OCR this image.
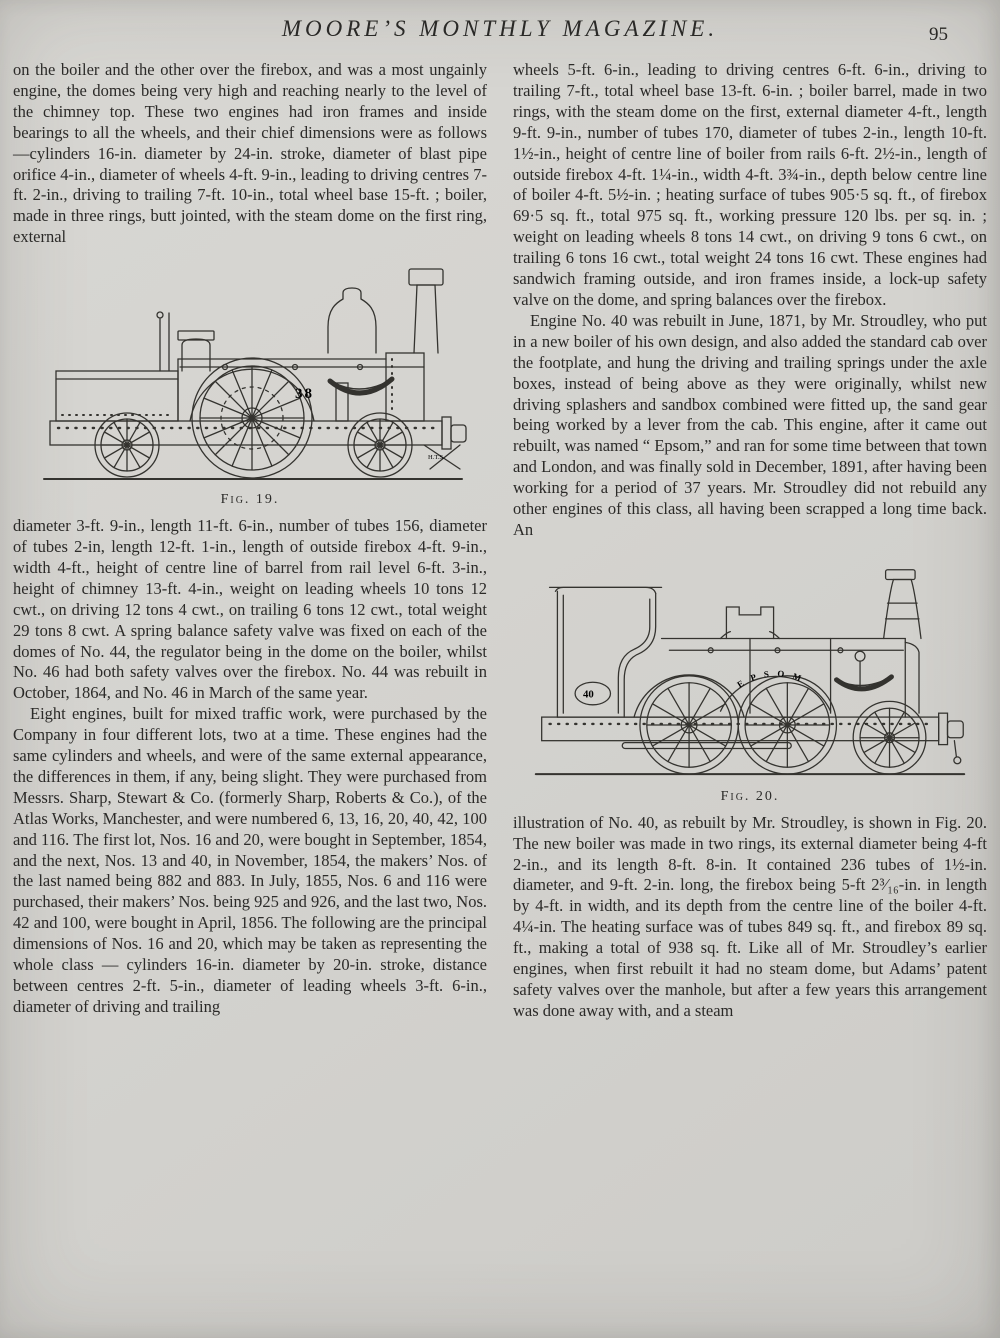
MOORE’S MONTHLY MAGAZINE.	95

on the boiler and the other over the firebox, and was a most ungainly engine, the domes being very high and reaching nearly to the level of the chimney top. These two engines had iron frames and inside bearings to all the wheels, and their chief dimensions were as follows—cylinders 16-in. diameter by 24-in. stroke, diameter of blast pipe orifice 4-in., diameter of wheels 4-ft. 9-in., leading to driving centres 7-ft. 2-in., driving to trailing 7-ft. 10-in., total wheel base 15-ft. ; boiler, made in three rings, butt jointed, with the steam dome on the first ring, external

38
H.T.S.
Fig. 19.

diameter 3-ft. 9-in., length 11-ft. 6-in., number of tubes 156, diameter of tubes 2-in, length 12-ft. 1-in., length of outside firebox 4-ft. 9-in., width 4-ft., height of centre line of barrel from rail level 6-ft. 3-in., height of chimney 13-ft. 4-in., weight on leading wheels 10 tons 12 cwt., on driving 12 tons 4 cwt., on trailing 6 tons 12 cwt., total weight 29 tons 8 cwt. A spring balance safety valve was fixed on each of the domes of No. 44, the regulator being in the dome on the boiler, whilst No. 46 had both safety valves over the firebox. No. 44 was rebuilt in October, 1864, and No. 46 in March of the same year.

Eight engines, built for mixed traffic work, were purchased by the Company in four different lots, two at a time. These engines had the same cylinders and wheels, and were of the same external appearance, the differences in them, if any, being slight. They were purchased from Messrs. Sharp, Stewart & Co. (formerly Sharp, Roberts & Co.), of the Atlas Works, Manchester, and were numbered 6, 13, 16, 20, 40, 42, 100 and 116. The first lot, Nos. 16 and 20, were bought in September, 1854, and the next, Nos. 13 and 40, in November, 1854, the makers’ Nos. of the last named being 882 and 883. In July, 1855, Nos. 6 and 116 were purchased, their makers’ Nos. being 925 and 926, and the last two, Nos. 42 and 100, were bought in April, 1856. The following are the principal dimensions of Nos. 16 and 20, which may be taken as representing the whole class — cylinders 16-in. diameter by 20-in. stroke, distance between centres 2-ft. 5-in., diameter of leading wheels 3-ft. 6-in., diameter of driving and trailing

wheels 5-ft. 6-in., leading to driving centres 6-ft. 6-in., driving to trailing 7-ft., total wheel base 13-ft. 6-in. ; boiler barrel, made in two rings, with the steam dome on the first, external diameter 4-ft., length 9-ft. 9-in., number of tubes 170, diameter of tubes 2-in., length 10-ft. 1½-in., height of centre line of boiler from rails 6-ft. 2½-in., length of outside firebox 4-ft. 1¼-in., width 4-ft. 3¾-in., depth below centre line of boiler 4-ft. 5½-in. ; heating surface of tubes 905·5 sq. ft., of firebox 69·5 sq. ft., total 975 sq. ft., working pressure 120 lbs. per sq. in. ; weight on leading wheels 8 tons 14 cwt., on driving 9 tons 6 cwt., on trailing 6 tons 16 cwt., total weight 24 tons 16 cwt. These engines had sandwich framing outside, and iron frames inside, a lock-up safety valve on the dome, and spring balances over the firebox.

Engine No. 40 was rebuilt in June, 1871, by Mr. Stroudley, who put in a new boiler of his own design, and also added the standard cab over the footplate, and hung the driving and trailing springs under the axle boxes, instead of being above as they were originally, whilst new driving splashers and sandbox combined were fitted up, the sand gear being worked by a lever from the cab. This engine, after it came out rebuilt, was named “ Epsom,” and ran for some time between that town and London, and was finally sold in December, 1891, after having been working for a period of 37 years. Mr. Stroudley did not rebuild any other engines of this class, all having been scrapped a long time back. An

40
E P S O M
Fig. 20.

illustration of No. 40, as rebuilt by Mr. Stroudley, is shown in Fig. 20. The new boiler was made in two rings, its external diameter being 4-ft 2-in., and its length 8-ft. 8-in. It contained 236 tubes of 1½-in. diameter, and 9-ft. 2-in. long, the firebox being 5-ft 2³⁄₁₆-in. in length by 4-ft. in width, and its depth from the centre line of the boiler 4-ft. 4¼-in. The heating surface was of tubes 849 sq. ft., and firebox 89 sq. ft., making a total of 938 sq. ft. Like all of Mr. Stroudley’s earlier engines, when first rebuilt it had no steam dome, but Adams’ patent safety valves over the manhole, but after a few years this arrangement was done away with, and a steam
